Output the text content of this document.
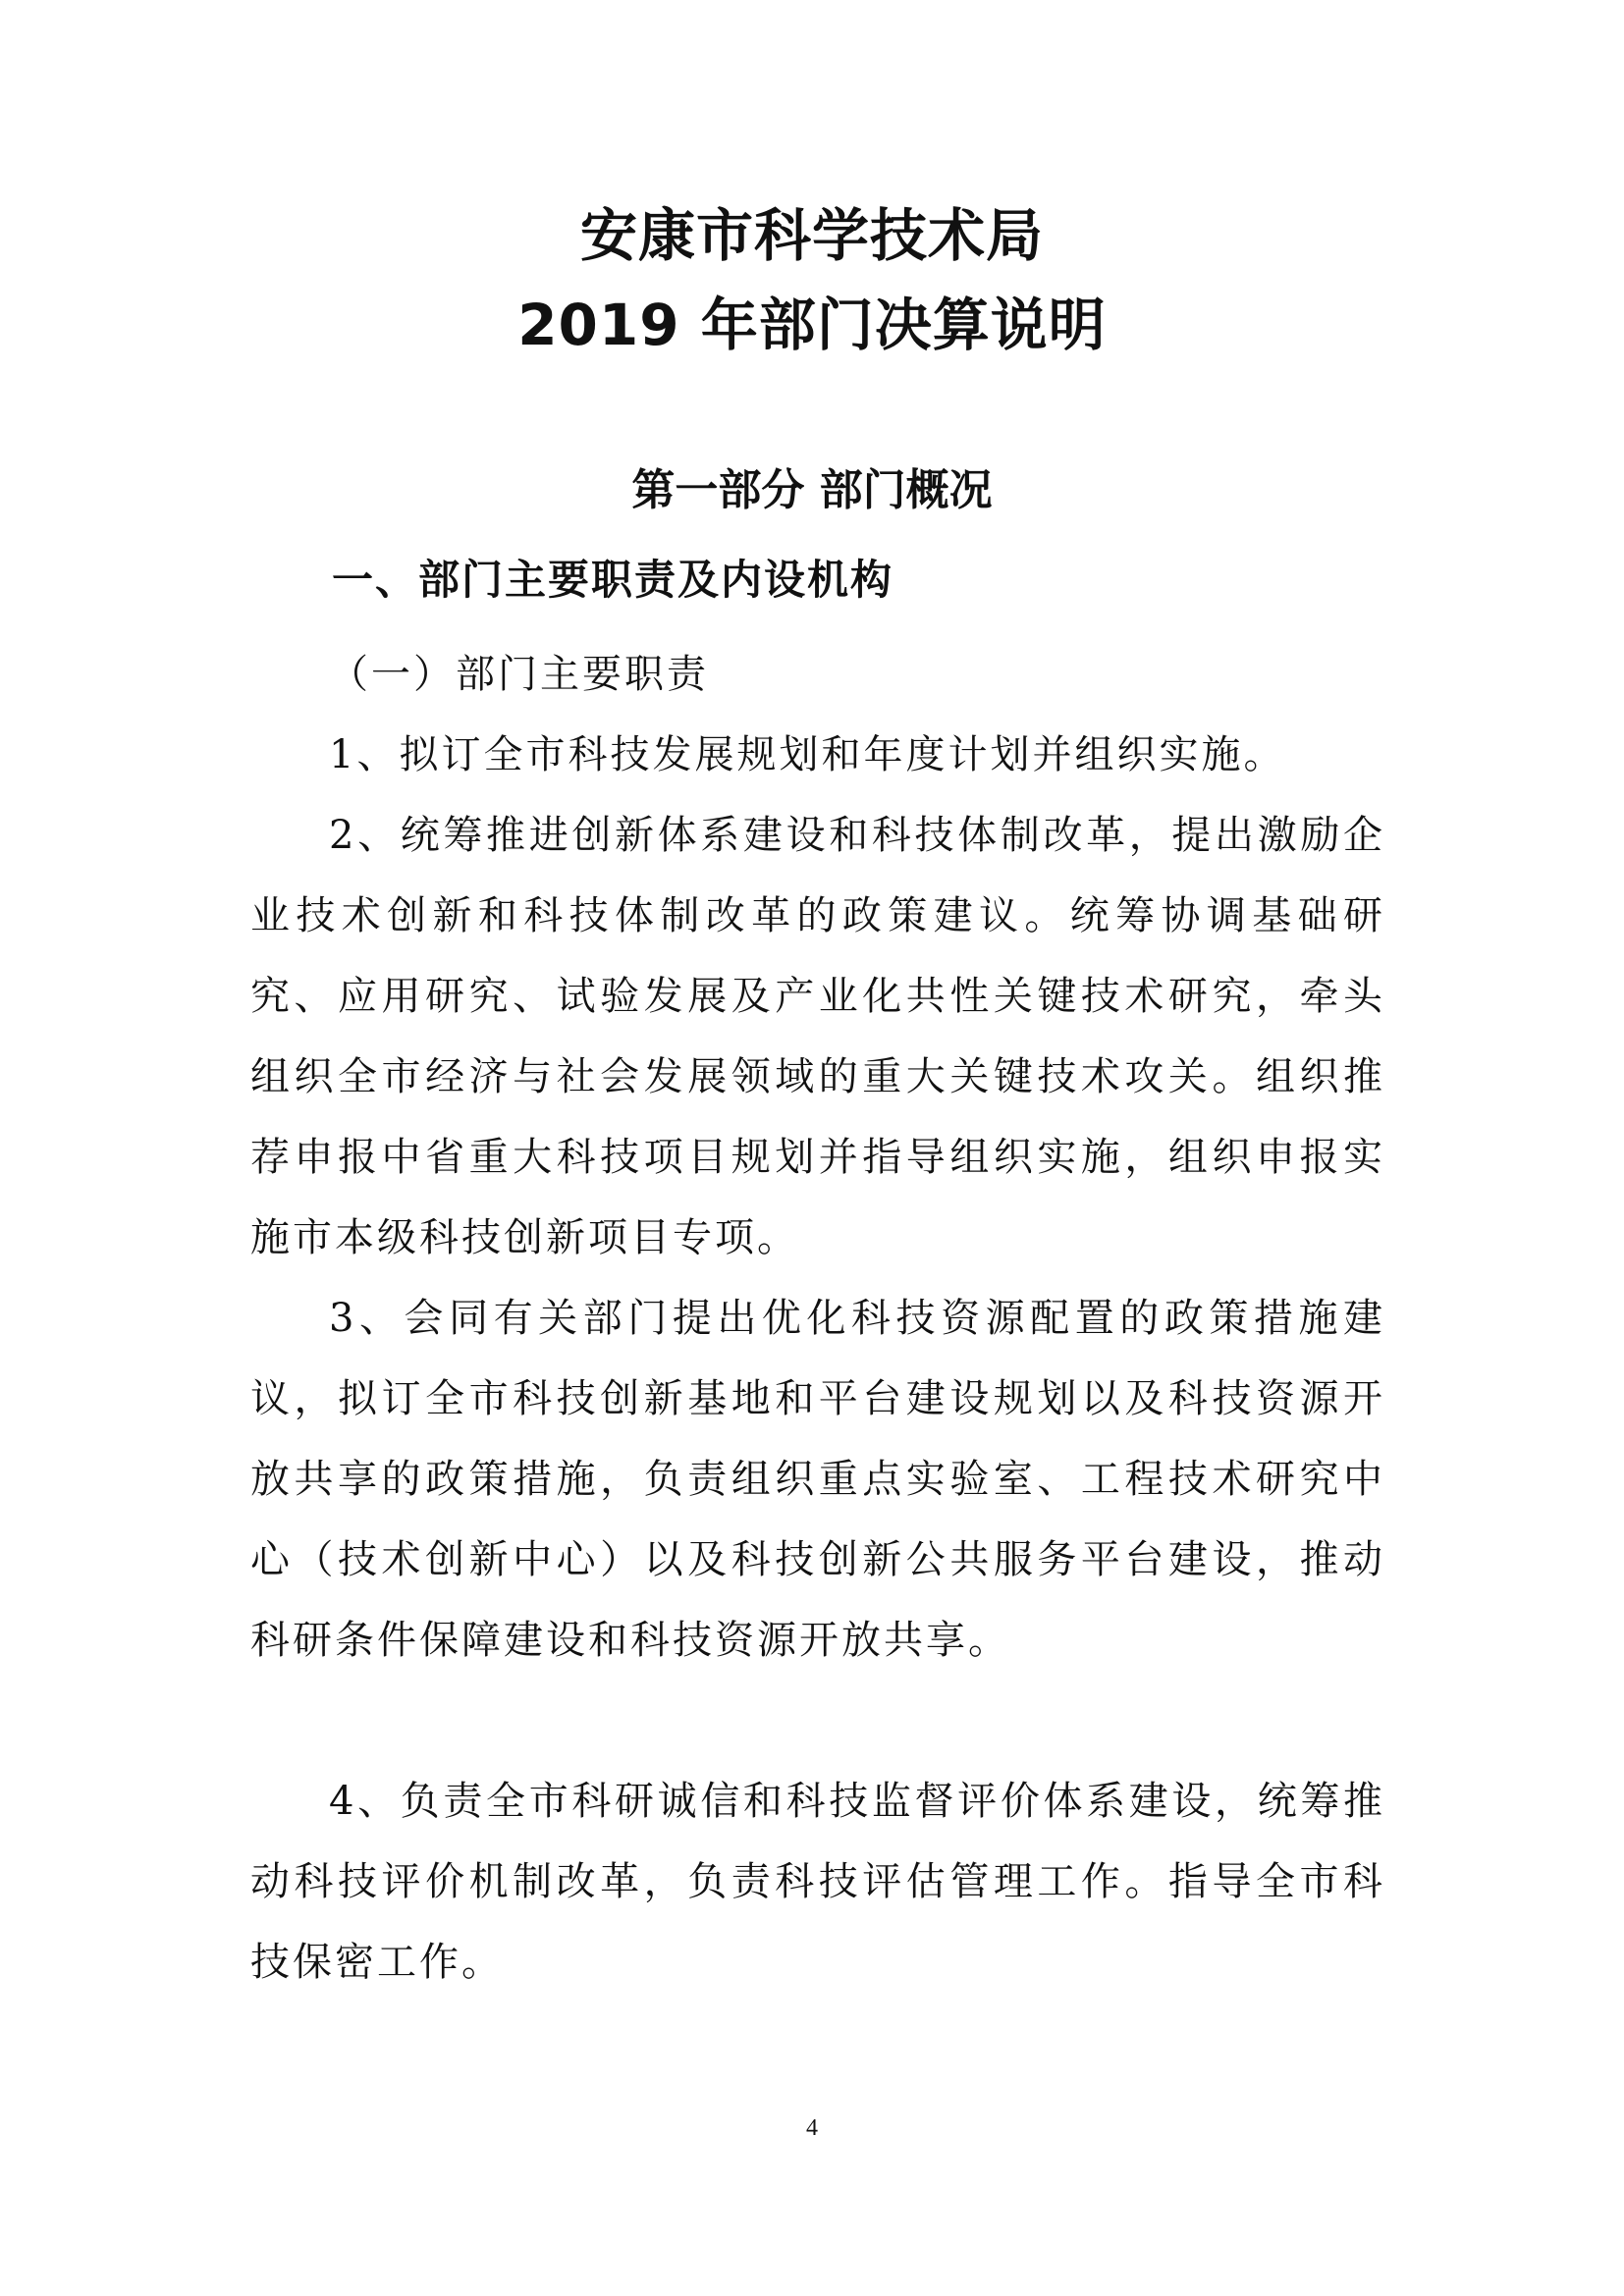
安康市科学技术局
2019 年部门决算说明
第一部分 部门概况
一、部门主要职责及内设机构

（一）部门主要职责

1、拟订全市科技发展规划和年度计划并组织实施。

2、统筹推进创新体系建设和科技体制改革，提出激励企业技术创新和科技体制改革的政策建议。统筹协调基础研究、应用研究、试验发展及产业化共性关键技术研究，牵头组织全市经济与社会发展领域的重大关键技术攻关。组织推荐申报中省重大科技项目规划并指导组织实施，组织申报实施市本级科技创新项目专项。

3、会同有关部门提出优化科技资源配置的政策措施建议，拟订全市科技创新基地和平台建设规划以及科技资源开放共享的政策措施，负责组织重点实验室、工程技术研究中心（技术创新中心）以及科技创新公共服务平台建设，推动科研条件保障建设和科技资源开放共享。

4、负责全市科研诚信和科技监督评价体系建设，统筹推动科技评价机制改革，负责科技评估管理工作。指导全市科技保密工作。

4
